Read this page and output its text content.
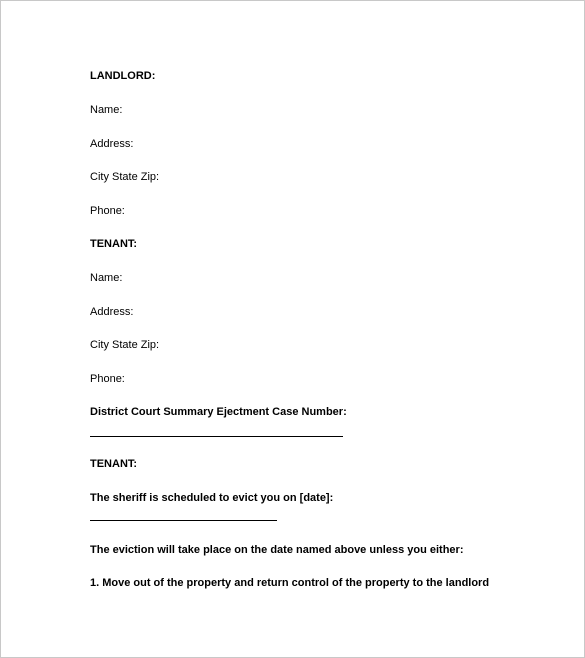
LANDLORD:
Name:
Address:
City State Zip:
Phone:
TENANT:
Name:
Address:
City State Zip:
Phone:
District Court Summary Ejectment Case Number:
TENANT:
The sheriff is scheduled to evict you on [date]:
The eviction will take place on the date named above unless you either:
1. Move out of the property and return control of the property to the landlord
